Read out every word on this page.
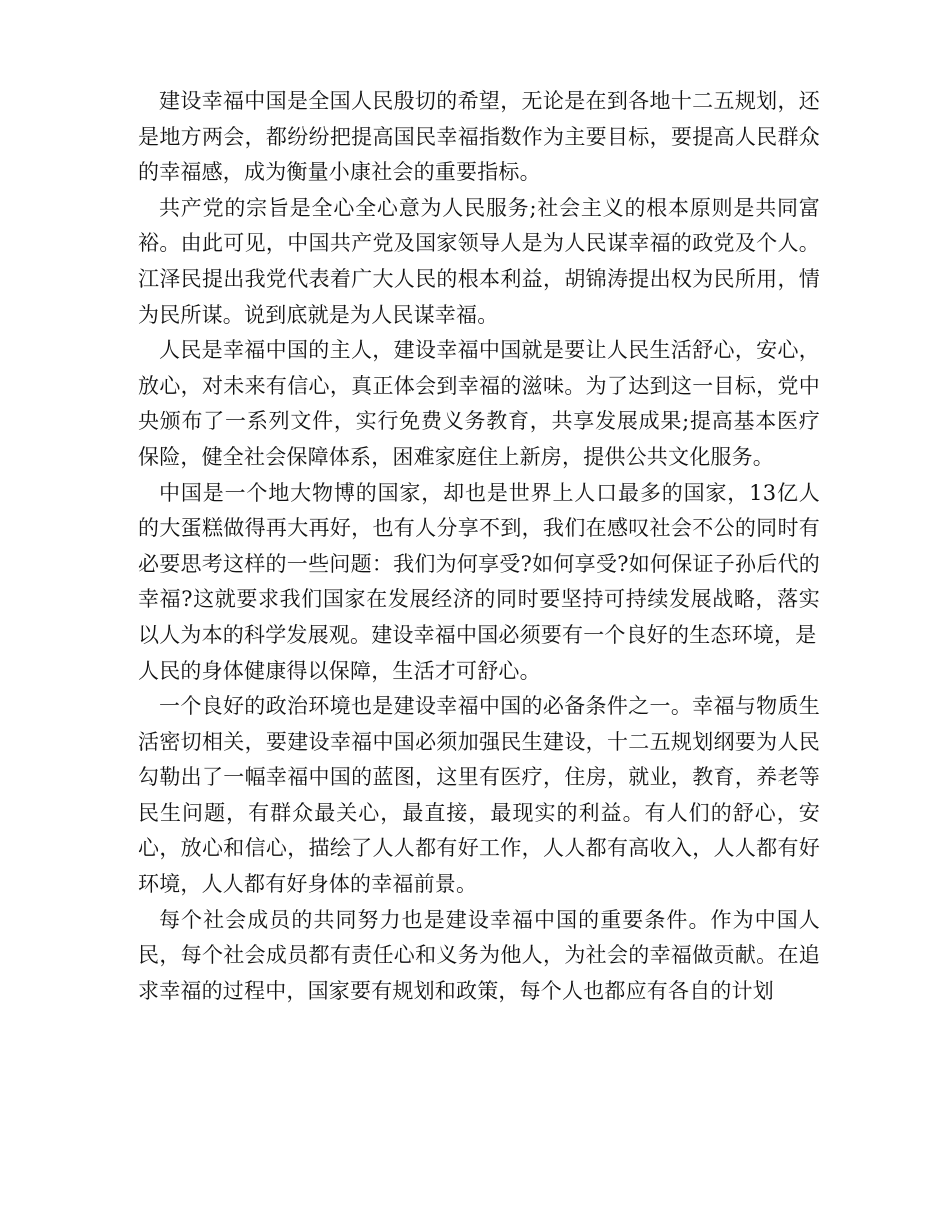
建设幸福中国是全国人民殷切的希望，无论是在到各地十二五规划，还是地方两会，都纷纷把提高国民幸福指数作为主要目标，要提高人民群众的幸福感，成为衡量小康社会的重要指标。

共产党的宗旨是全心全心意为人民服务;社会主义的根本原则是共同富裕。由此可见，中国共产党及国家领导人是为人民谋幸福的政党及个人。江泽民提出我党代表着广大人民的根本利益，胡锦涛提出权为民所用，情为民所谋。说到底就是为人民谋幸福。

人民是幸福中国的主人，建设幸福中国就是要让人民生活舒心，安心，放心，对未来有信心，真正体会到幸福的滋味。为了达到这一目标，党中央颁布了一系列文件，实行免费义务教育，共享发展成果;提高基本医疗保险，健全社会保障体系，困难家庭住上新房，提供公共文化服务。

中国是一个地大物博的国家，却也是世界上人口最多的国家，13亿人的大蛋糕做得再大再好，也有人分享不到，我们在感叹社会不公的同时有必要思考这样的一些问题：我们为何享受?如何享受?如何保证子孙后代的幸福?这就要求我们国家在发展经济的同时要坚持可持续发展战略，落实以人为本的科学发展观。建设幸福中国必须要有一个良好的生态环境，是

人民的身体健康得以保障，生活才可舒心。

一个良好的政治环境也是建设幸福中国的必备条件之一。幸福与物质生活密切相关，要建设幸福中国必须加强民生建设，十二五规划纲要为人民勾勒出了一幅幸福中国的蓝图，这里有医疗，住房，就业，教育，养老等民生问题，有群众最关心，最直接，最现实的利益。有人们的舒心，安心，放心和信心，描绘了人人都有好工作，人人都有高收入，人人都有好环境，人人都有好身体的幸福前景。

每个社会成员的共同努力也是建设幸福中国的重要条件。作为中国人民，每个社会成员都有责任心和义务为他人，为社会的幸福做贡献。在追求幸福的过程中，国家要有规划和政策，每个人也都应有各自的计划
